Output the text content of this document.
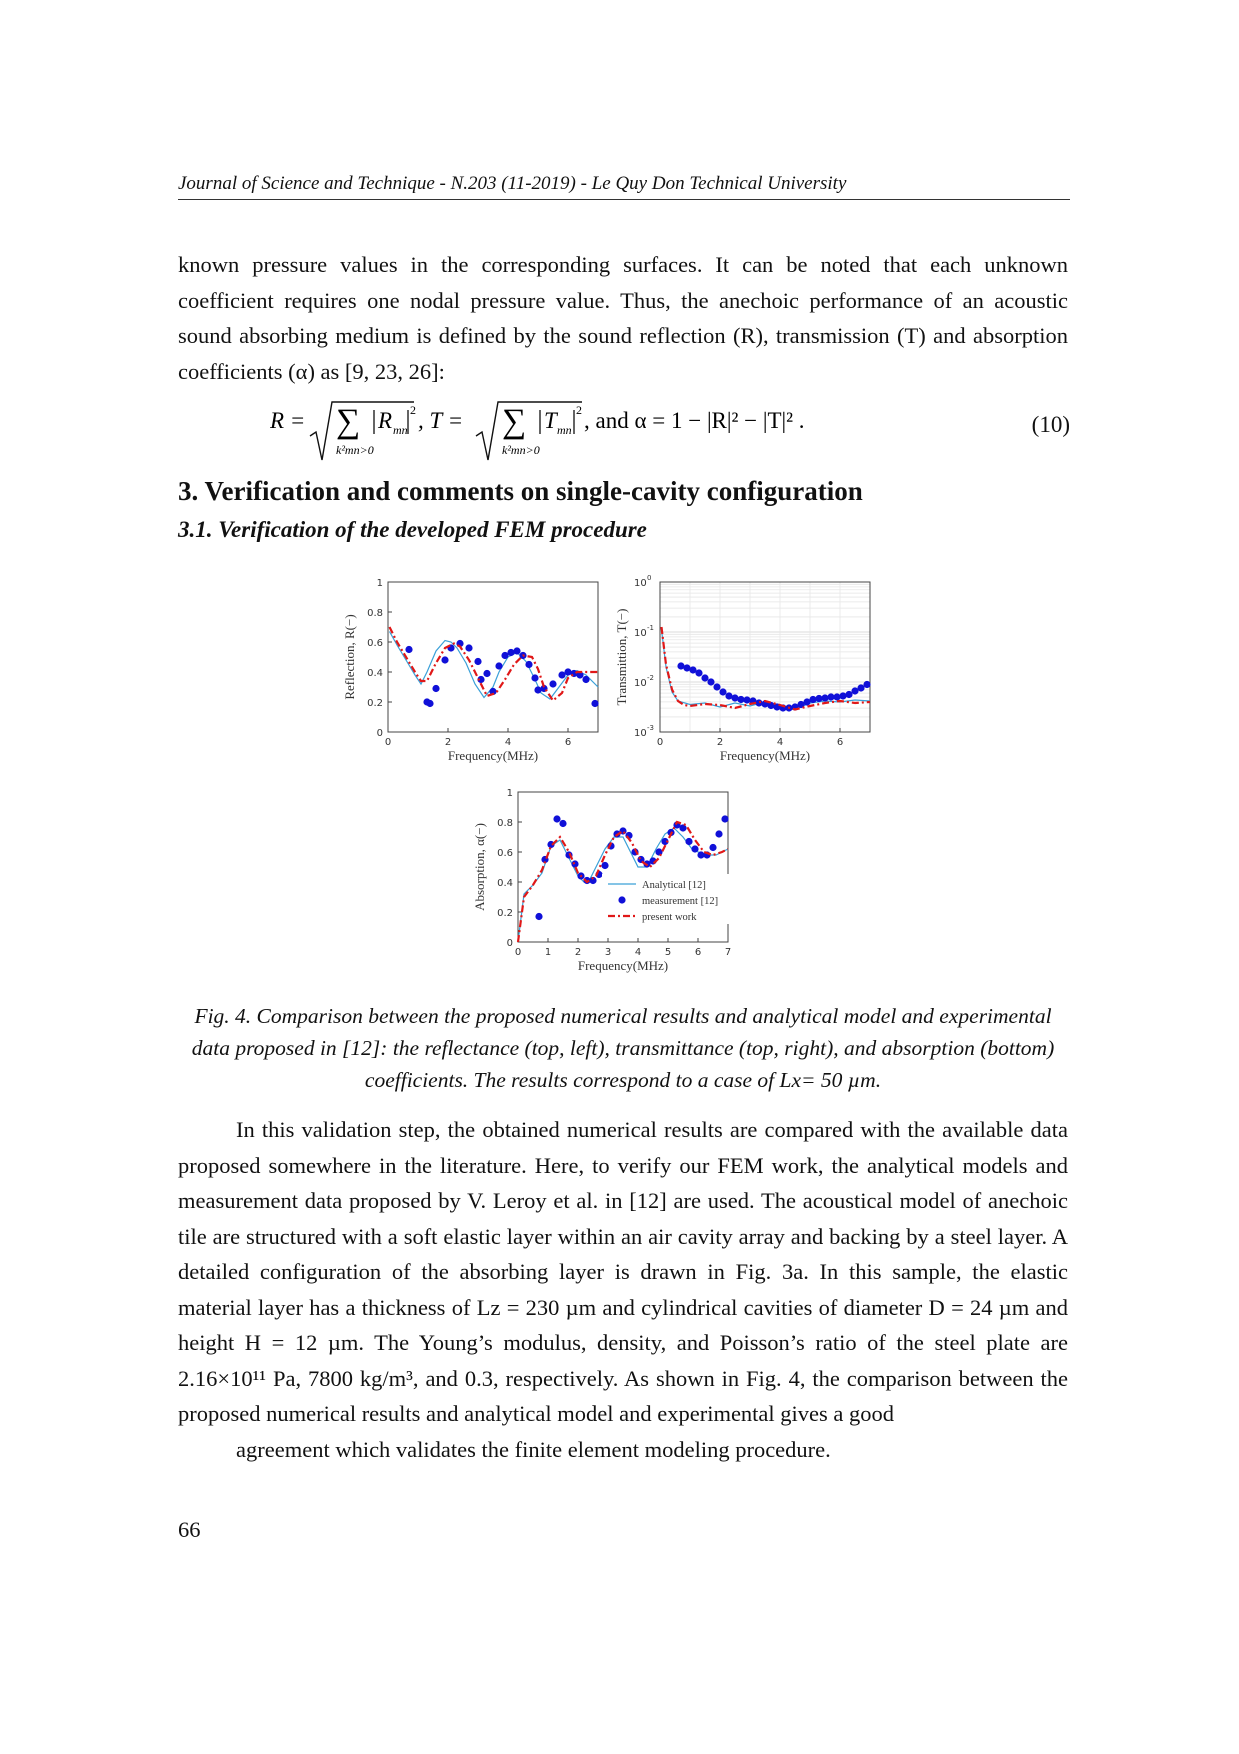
Journal of Science and Technique - N.203 (11-2019) - Le Quy Don Technical University

known pressure values in the corresponding surfaces. It can be noted that each unknown coefficient requires one nodal pressure value. Thus, the anechoic performance of an acoustic sound absorbing medium is defined by the sound reflection (R), transmission (T) and absorption coefficients (α) as [9, 23, 26]:

R = ∑
k²mn>0
R mn
2 , T = ∑
k²mn>0
T mn
2 , and α = 1 − |R|² − |T|² .	(10)
3. Verification and comments on single-cavity configuration
3.1. Verification of the developed FEM procedure
0	2	4	6
0
0.2
0.4
0.6
0.8
1
Frequency(MHz)
Reflection, R(−)
0	2	4	6
10 -3
10 -2
10 -1
10 0
Frequency(MHz)
Transmittion, T(−)
0 1 2 3 4 5 6 7
0
0.2
0.4
0.6
0.8
1
Frequency(MHz)
Absorption, α(−)	Analytical [12]
measurement [12]
present work
Fig. 4. Comparison between the proposed numerical results and analytical model and experimental data proposed in [12]: the reflectance (top, left), transmittance (top, right), and absorption (bottom) coefficients. The results correspond to a case of Lx= 50 µm.

In this validation step, the obtained numerical results are compared with the available data proposed somewhere in the literature. Here, to verify our FEM work, the analytical models and measurement data proposed by V. Leroy et al. in [12] are used. The acoustical model of anechoic tile are structured with a soft elastic layer within an air cavity array and backing by a steel layer. A detailed configuration of the absorbing layer is drawn in Fig. 3a. In this sample, the elastic material layer has a thickness of Lz = 230 µm and cylindrical cavities of diameter D = 24 µm and height H = 12 µm. The Young’s modulus, density, and Poisson’s ratio of the steel plate are 2.16×10¹¹ Pa, 7800 kg/m³, and 0.3, respectively. As shown in Fig. 4, the comparison between the proposed numerical results and analytical model and experimental gives a good
agreement which validates the finite element modeling procedure.

66
